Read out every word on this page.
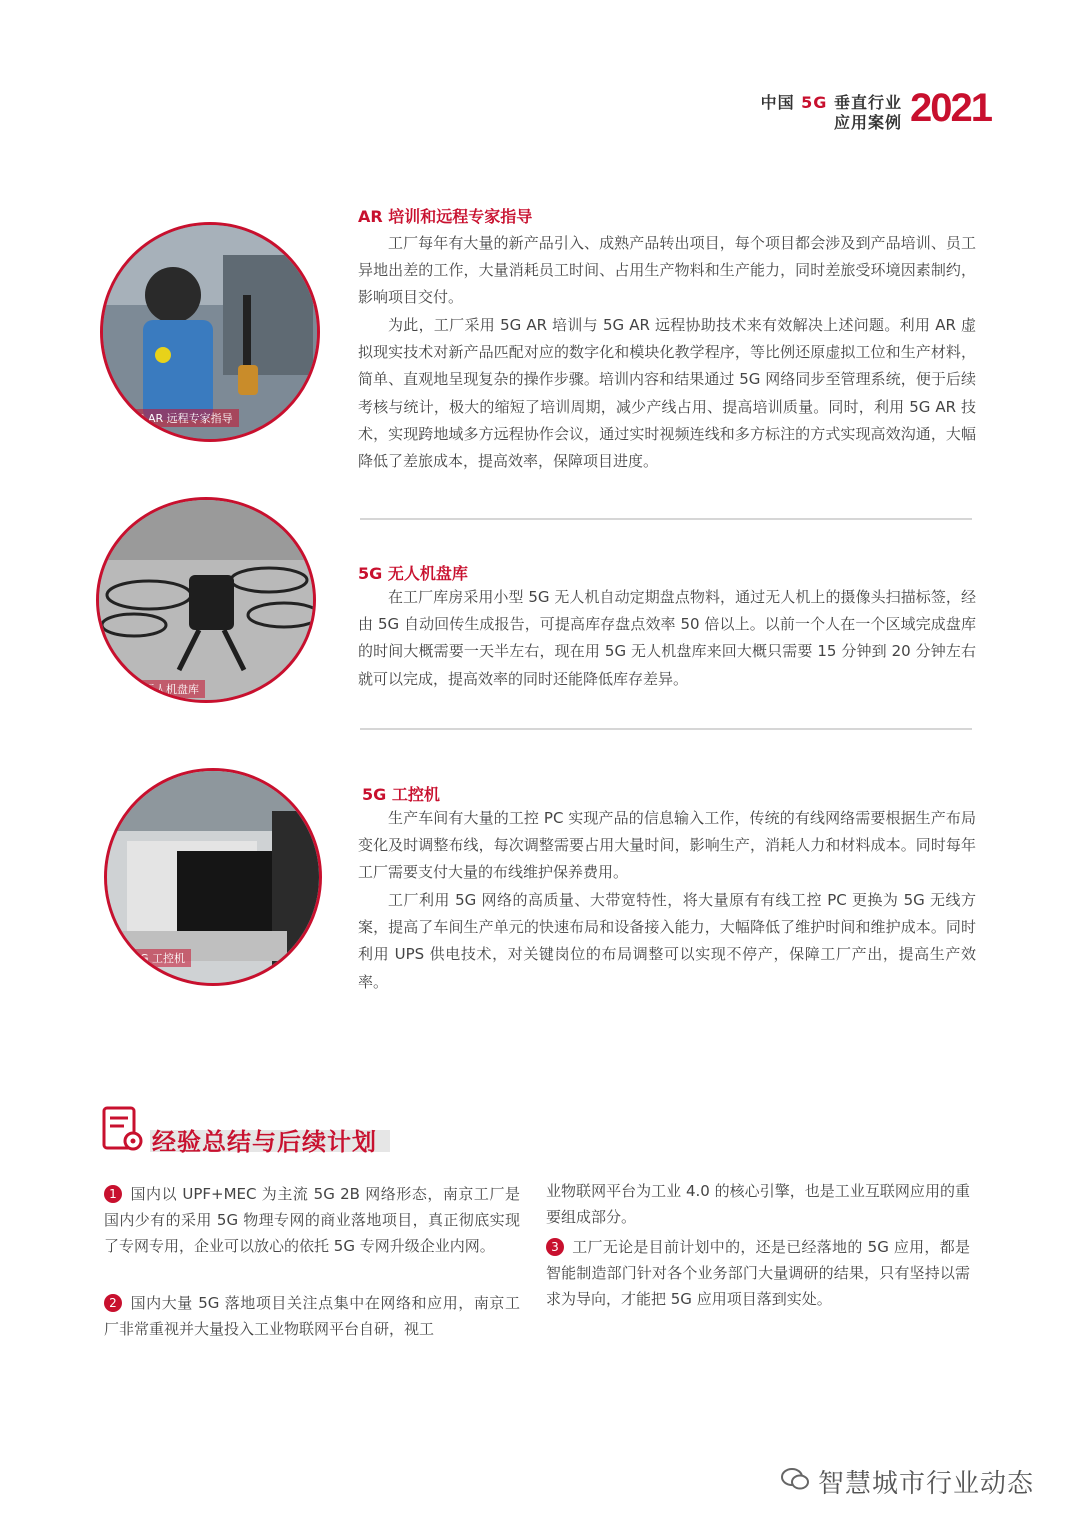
中国 5G 垂直行业
应用案例 2021
5G AR 远程专家指导
AR 培训和远程专家指导

工厂每年有大量的新产品引入、成熟产品转出项目，每个项目都会涉及到产品培训、员工异地出差的工作，大量消耗员工时间、占用生产物料和生产能力，同时差旅受环境因素制约，影响项目交付。

为此，工厂采用 5G AR 培训与 5G AR 远程协助技术来有效解决上述问题。利用 AR 虚拟现实技术对新产品匹配对应的数字化和模块化教学程序，等比例还原虚拟工位和生产材料，简单、直观地呈现复杂的操作步骤。培训内容和结果通过 5G 网络同步至管理系统，便于后续考核与统计，极大的缩短了培训周期，减少产线占用、提高培训质量。同时，利用 5G AR 技术，实现跨地域多方远程协作会议，通过实时视频连线和多方标注的方式实现高效沟通，大幅降低了差旅成本，提高效率，保障项目进度。

5G 无人机盘库
5G 无人机盘库

在工厂库房采用小型 5G 无人机自动定期盘点物料，通过无人机上的摄像头扫描标签，经由 5G 自动回传生成报告，可提高库存盘点效率 50 倍以上。以前一个人在一个区域完成盘库的时间大概需要一天半左右，现在用 5G 无人机盘库来回大概只需要 15 分钟到 20 分钟左右就可以完成，提高效率的同时还能降低库存差异。

5G 工控机
5G 工控机

生产车间有大量的工控 PC 实现产品的信息输入工作，传统的有线网络需要根据生产布局变化及时调整布线，每次调整需要占用大量时间，影响生产，消耗人力和材料成本。同时每年工厂需要支付大量的布线维护保养费用。

工厂利用 5G 网络的高质量、大带宽特性，将大量原有有线工控 PC 更换为 5G 无线方案，提高了车间生产单元的快速布局和设备接入能力，大幅降低了维护时间和维护成本。同时利用 UPS 供电技术，对关键岗位的布局调整可以实现不停产，保障工厂产出，提高生产效率。

经验总结与后续计划

1 国内以 UPF+MEC 为主流 5G 2B 网络形态，南京工厂是国内少有的采用 5G 物理专网的商业落地项目，真正彻底实现了专网专用，企业可以放心的依托 5G 专网升级企业内网。

2 国内大量 5G 落地项目关注点集中在网络和应用，南京工厂非常重视并大量投入工业物联网平台自研，视工

业物联网平台为工业 4.0 的核心引擎，也是工业互联网应用的重要组成部分。

3 工厂无论是目前计划中的，还是已经落地的 5G 应用，都是智能制造部门针对各个业务部门大量调研的结果，只有坚持以需求为导向，才能把 5G 应用项目落到实处。

智慧城市行业动态
